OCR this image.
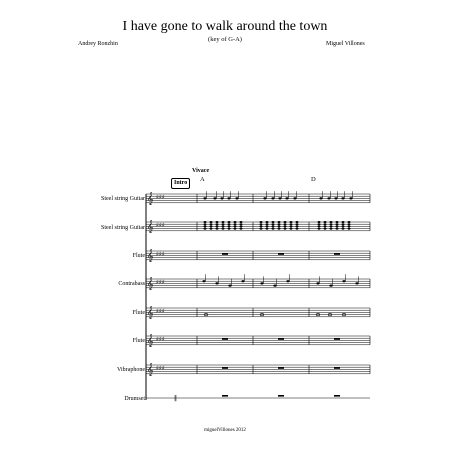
I have gone to walk around the town
(key of G-A)
Andrey Ronzhin	Miguel Villones
𝄞 ♯♯♯
𝄞 ♯♯♯
𝄞 ♯♯♯
𝄞 ♯♯♯
𝄞 ♯♯♯
𝄞 ♯♯♯
𝄞 ♯♯♯
‖
Vivace
A	D
Intro
Steel string Guitar
Steel string Guitar
Flute
Contrabass
Flute
Flute
Vibraphone
Drumset
miguelVillones 2012
